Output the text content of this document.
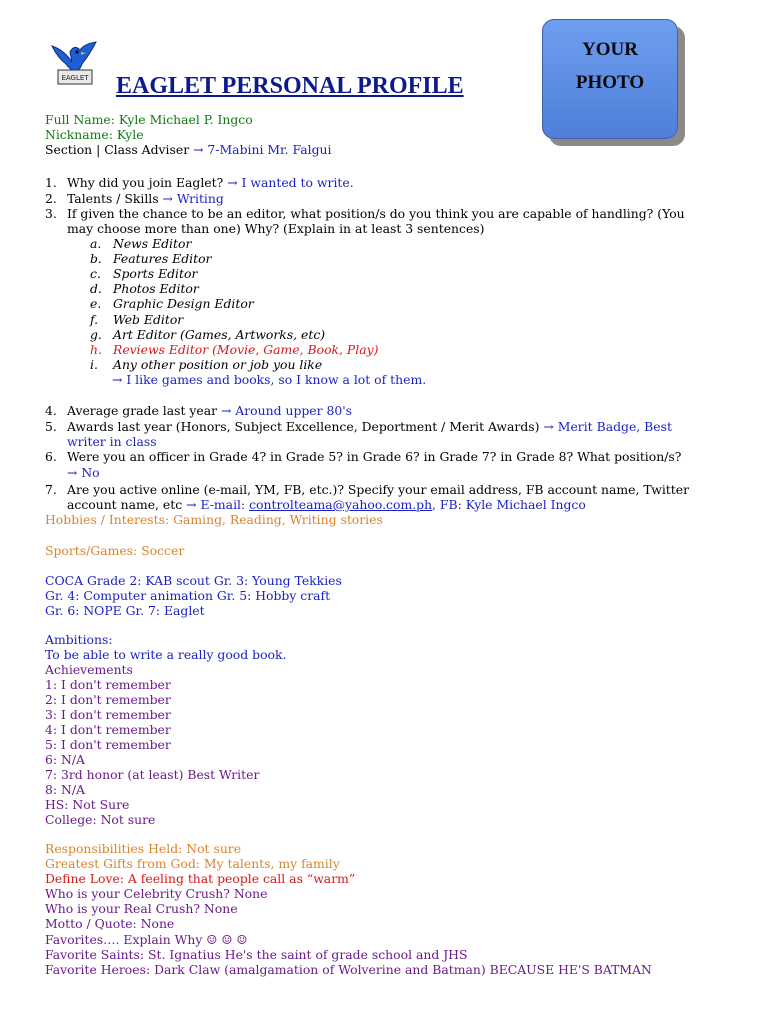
EAGLET EAGLET PERSONAL PROFILE
YOUR
PHOTO
Full Name: Kyle Michael P. Ingco
Nickname: Kyle
Section | Class Adviser → 7-Mabini Mr. Falgui
1. Why did you join Eaglet? → I wanted to write.
2. Talents / Skills → Writing
3. If given the chance to be an editor, what position/s do you think you are capable of handling? (You
may choose more than one) Why? (Explain in at least 3 sentences)
a. News Editor
b. Features Editor
c. Sports Editor
d. Photos Editor
e. Graphic Design Editor
f. Web Editor
g. Art Editor (Games, Artworks, etc)
h. Reviews Editor (Movie, Game, Book, Play)
i. Any other position or job you like
→ I like games and books, so I know a lot of them.
4. Average grade last year → Around upper 80's
5. Awards last year (Honors, Subject Excellence, Deportment / Merit Awards) → Merit Badge, Best
writer in class
6. Were you an officer in Grade 4? in Grade 5? in Grade 6? in Grade 7? in Grade 8? What position/s?
→ No
7. Are you active online (e-mail, YM, FB, etc.)? Specify your email address, FB account name, Twitter
account name, etc → E-mail: controlteama@yahoo.com.ph, FB: Kyle Michael Ingco
Hobbies / Interests: Gaming, Reading, Writing stories
Sports/Games: Soccer
COCA Grade 2: KAB scout Gr. 3: Young Tekkies
Gr. 4: Computer animation Gr. 5: Hobby craft
Gr. 6: NOPE Gr. 7: Eaglet
Ambitions:
To be able to write a really good book.
Achievements
1: I don't remember
2: I don't remember
3: I don't remember
4: I don't remember
5: I don't remember
6: N/A
7: 3rd honor (at least) Best Writer
8: N/A
HS: Not Sure
College: Not sure
Responsibilities Held: Not sure
Greatest Gifts from God: My talents, my family
Define Love: A feeling that people call as “warm”
Who is your Celebrity Crush? None
Who is your Real Crush? None
Motto / Quote: None
Favorites…. Explain Why ☺ ☺ ☺
Favorite Saints: St. Ignatius He's the saint of grade school and JHS
Favorite Heroes: Dark Claw (amalgamation of Wolverine and Batman) BECAUSE HE'S BATMAN
